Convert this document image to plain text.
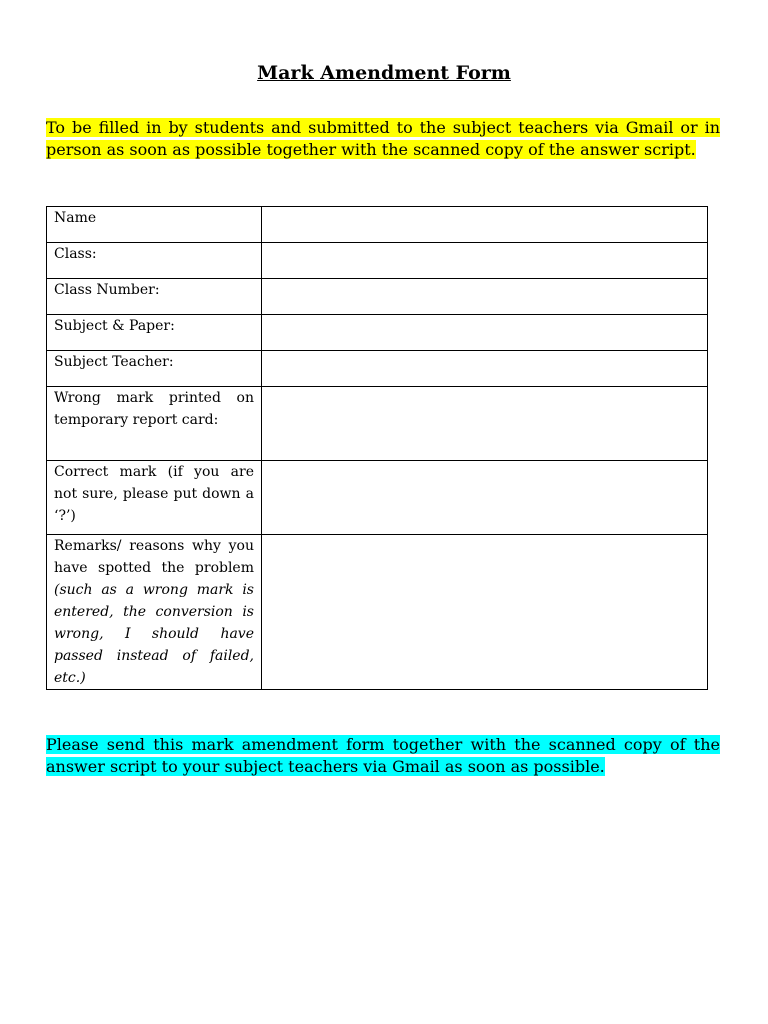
Mark Amendment Form
To be filled in by students and submitted to the subject teachers via Gmail or in person as soon as possible together with the scanned copy of the answer script.
Name	
Class:	
Class Number:	
Subject & Paper:	
Subject Teacher:	
Wrong mark printed on temporary report card:	
Correct mark (if you are not sure, please put down a ‘?’)	
Remarks/ reasons why you have spotted the problem (such as a wrong mark is entered, the conversion is wrong, I should have passed instead of failed, etc.)	
Please send this mark amendment form together with the scanned copy of the answer script to your subject teachers via Gmail as soon as possible.
